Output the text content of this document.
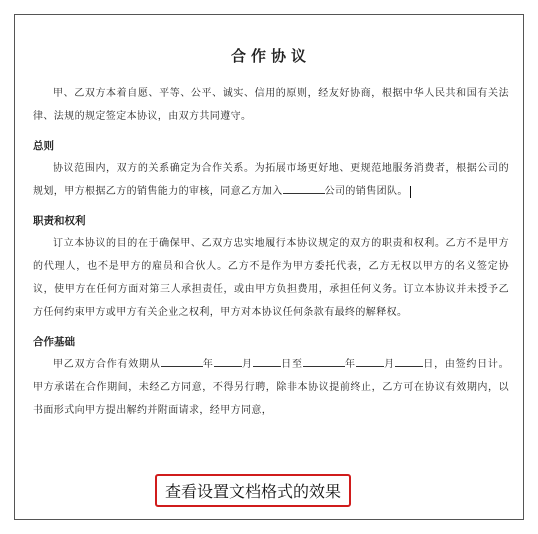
合作协议

甲、乙双方本着自愿、平等、公平、诚实、信用的原则，经友好协商，根据中华人民共和国有关法律、法规的规定签定本协议，由双方共同遵守。

总则

协议范围内，双方的关系确定为合作关系。为拓展市场更好地、更规范地服务消费者，根据公司的规划，甲方根据乙方的销售能力的审核，同意乙方加入	公司的销售团队。

职责和权利

订立本协议的目的在于确保甲、乙双方忠实地履行本协议规定的双方的职责和权利。乙方不是甲方的代理人，也不是甲方的雇员和合伙人。乙方不是作为甲方委托代表，乙方无权以甲方的名义签定协议，使甲方在任何方面对第三人承担责任，或由甲方负担费用，承担任何义务。订立本协议并未授予乙方任何约束甲方或甲方有关企业之权利，甲方对本协议任何条款有最终的解释权。

合作基础

甲乙双方合作有效期从	年	月	日至	年	月	日，由签约日计。甲方承诺在合作期间，未经乙方同意，不得另行聘，除非本协议提前终止，乙方可在协议有效期内，以书面形式向甲方提出解约并附面请求，经甲方同意，

查看设置文档格式的效果
